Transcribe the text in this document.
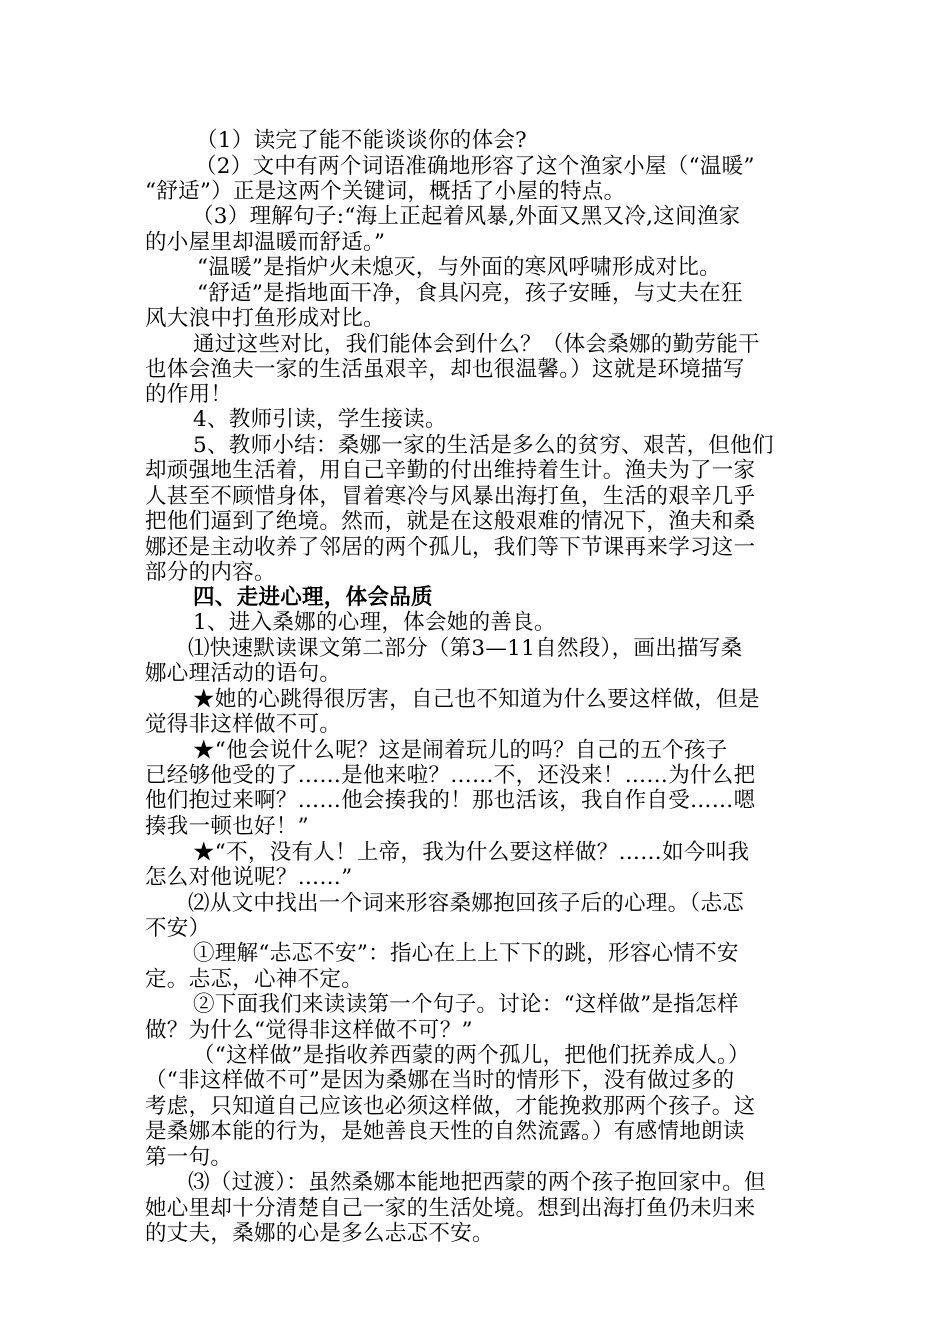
（1）读完了能不能谈谈你的体会?
（2）文中有两个词语准确地形容了这个渔家小屋（“温暖”
“舒适”）正是这两个关键词，概括了小屋的特点。
（3）理解句子:“海上正起着风暴,外面又黑又冷,这间渔家
的小屋里却温暖而舒适。”
“温暖”是指炉火未熄灭，与外面的寒风呼啸形成对比。
“舒适”是指地面干净，食具闪亮，孩子安睡，与丈夫在狂
风大浪中打鱼形成对比。
通过这些对比，我们能体会到什么？（体会桑娜的勤劳能干
也体会渔夫一家的生活虽艰辛，却也很温馨。）这就是环境描写
的作用！
4、教师引读，学生接读。
5、教师小结：桑娜一家的生活是多么的贫穷、艰苦，但他们
却顽强地生活着，用自己辛勤的付出维持着生计。渔夫为了一家
人甚至不顾惜身体，冒着寒冷与风暴出海打鱼，生活的艰辛几乎
把他们逼到了绝境。然而，就是在这般艰难的情况下，渔夫和桑
娜还是主动收养了邻居的两个孤儿，我们等下节课再来学习这一
部分的内容。
四、走进心理，体会品质
1、进入桑娜的心理，体会她的善良。
⑴快速默读课文第二部分（第3—11自然段），画出描写桑
娜心理活动的语句。
★她的心跳得很厉害，自己也不知道为什么要这样做，但是
觉得非这样做不可。
★“他会说什么呢？这是闹着玩儿的吗？自己的五个孩子
已经够他受的了……是他来啦？……不，还没来！……为什么把
他们抱过来啊？……他会揍我的！那也活该，我自作自受……嗯
揍我一顿也好！”
★“不，没有人！上帝，我为什么要这样做？……如今叫我
怎么对他说呢？……”
⑵从文中找出一个词来形容桑娜抱回孩子后的心理。（忐忑
不安）
①理解“忐忑不安”：指心在上上下下的跳，形容心情不安
定。忐忑，心神不定。
②下面我们来读读第一个句子。讨论：“这样做”是指怎样
做？为什么“觉得非这样做不可？”
（“这样做”是指收养西蒙的两个孤儿，把他们抚养成人。）
（“非这样做不可”是因为桑娜在当时的情形下，没有做过多的
考虑，只知道自己应该也必须这样做，才能挽救那两个孩子。这
是桑娜本能的行为，是她善良天性的自然流露。）有感情地朗读
第一句。
⑶（过渡）：虽然桑娜本能地把西蒙的两个孩子抱回家中。但
她心里却十分清楚自己一家的生活处境。想到出海打鱼仍未归来
的丈夫，桑娜的心是多么忐忑不安。
